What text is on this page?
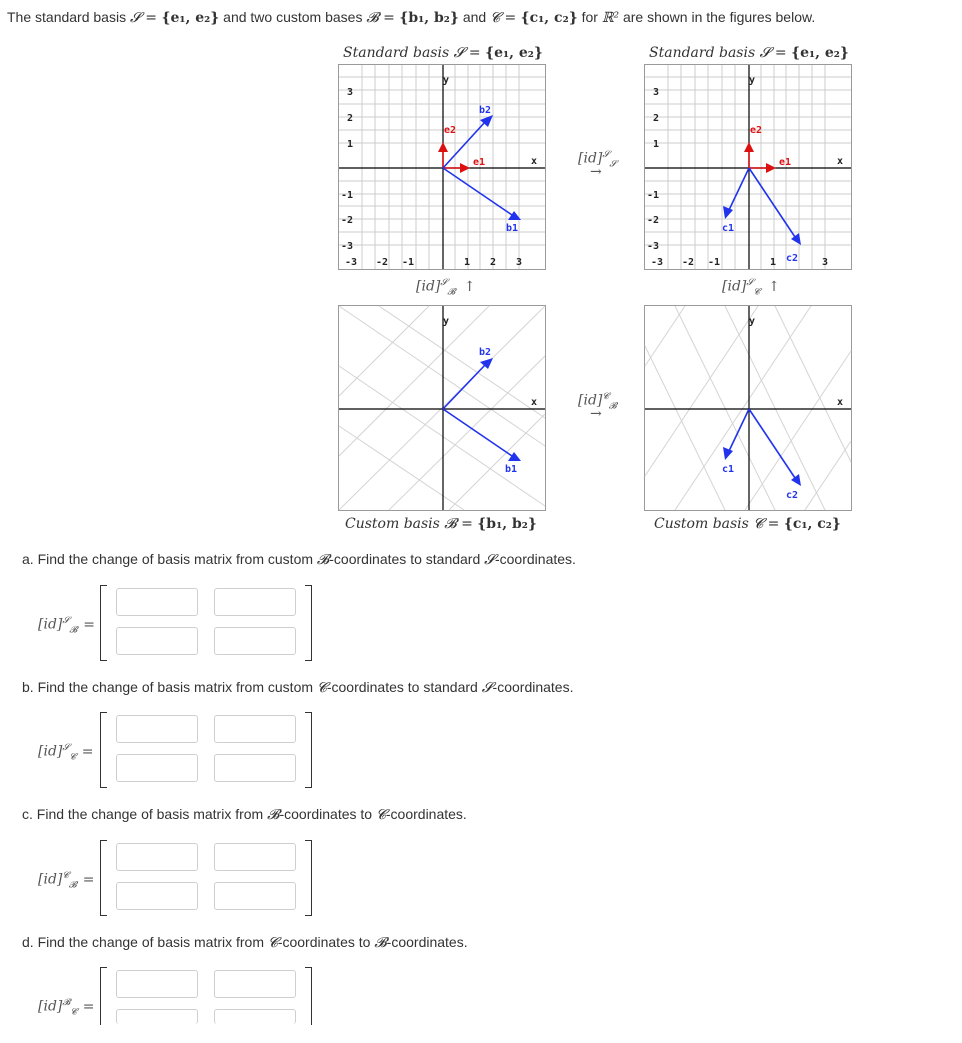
The standard basis 𝓢 = {e₁, e₂} and two custom bases 𝓑 = {b₁, b₂} and 𝓒 = {c₁, c₂} for ℝ² are shown in the figures below.
Standard basis 𝓢 = {e₁, e₂}	Standard basis 𝓢 = {e₁, e₂}
Custom basis 𝓑 = {b₁, b₂}	Custom basis 𝓒 = {c₁, c₂}
y
x
3
2
1
-1
-2
-3
-3 -2 -1	1 2 3
e1
e2
b2
b1
y
x
3
2
1
-1
-2
-3
-3 -2 -1	1	3
e1
e2
c1
c2
y
x
b2
b1
y
x
c1
c2
[id]$^𝓢_𝓢$
→
[id]$^𝓢_𝓑$ ↑	[id]$^𝓢_𝓒$ ↑
[id]$^𝓒_𝓑$
→
a. Find the change of basis matrix from custom 𝓑-coordinates to standard 𝓢-coordinates.
[id]$^𝓢_𝓑$ =
b. Find the change of basis matrix from custom 𝓒-coordinates to standard 𝓢-coordinates.
[id]$^𝓢_𝓒$ =
c. Find the change of basis matrix from 𝓑-coordinates to 𝓒-coordinates.
[id]$^𝓒_𝓑$ =
d. Find the change of basis matrix from 𝓒-coordinates to 𝓑-coordinates.
[id]$^𝓑_𝓒$ =
